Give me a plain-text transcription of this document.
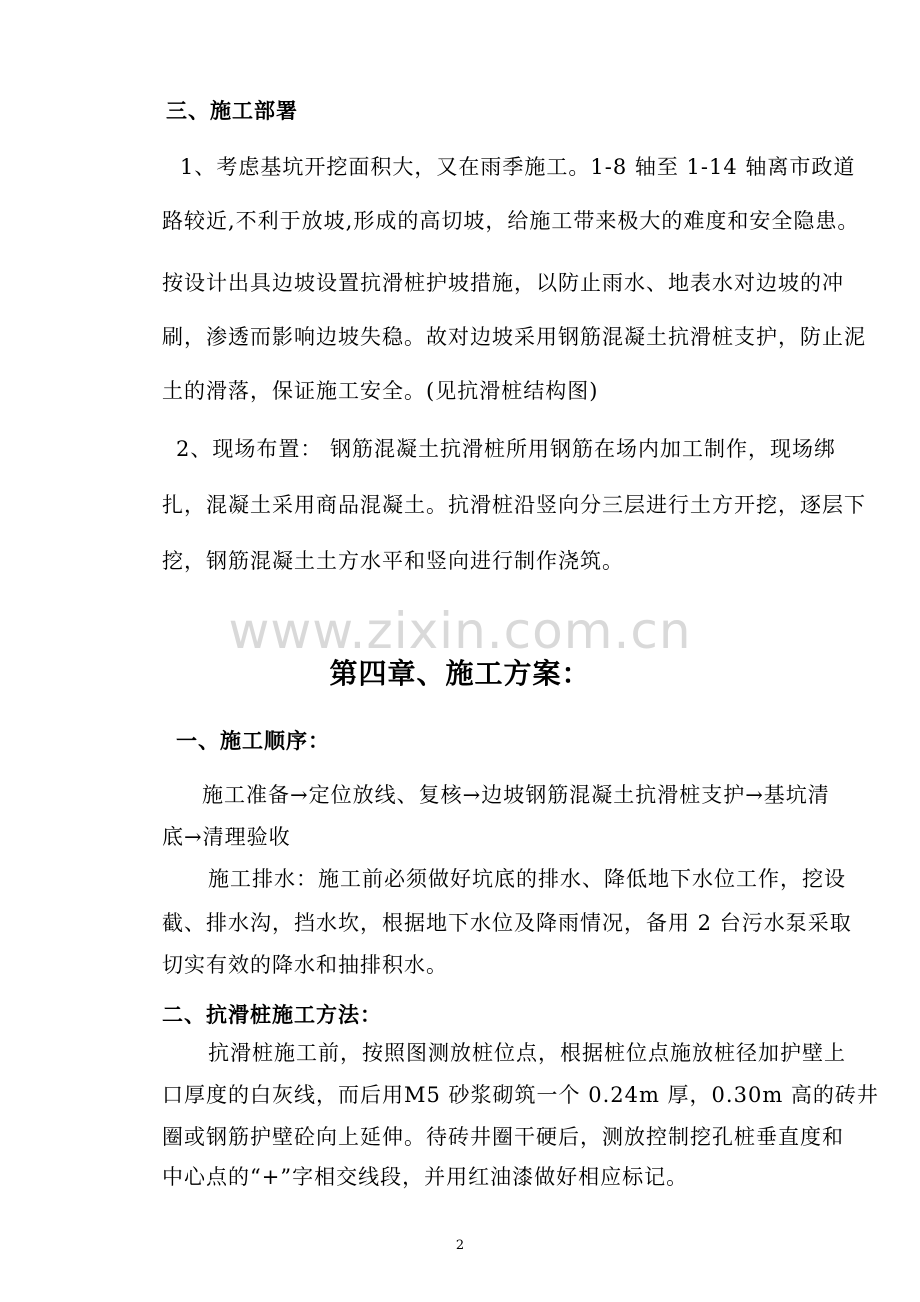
三、施工部署
1、考虑基坑开挖面积大，又在雨季施工。1-8 轴至 1-14 轴离市政道
路较近,不利于放坡,形成的高切坡，给施工带来极大的难度和安全隐患。
按设计出具边坡设置抗滑桩护坡措施，以防止雨水、地表水对边坡的冲
刷，渗透而影响边坡失稳。故对边坡采用钢筋混凝土抗滑桩支护，防止泥
土的滑落，保证施工安全。(见抗滑桩结构图)
2、现场布置： 钢筋混凝土抗滑桩所用钢筋在场内加工制作，现场绑
扎，混凝土采用商品混凝土。抗滑桩沿竖向分三层进行土方开挖，逐层下
挖，钢筋混凝土土方水平和竖向进行制作浇筑。
www.zixin.com.cn
第四章、施工方案：
一、施工顺序：
施工准备→定位放线、复核→边坡钢筋混凝土抗滑桩支护→基坑清
底→清理验收
施工排水：施工前必须做好坑底的排水、降低地下水位工作，挖设
截、排水沟，挡水坎，根据地下水位及降雨情况，备用 2 台污水泵采取
切实有效的降水和抽排积水。
二、抗滑桩施工方法：
抗滑桩施工前，按照图测放桩位点，根据桩位点施放桩径加护壁上
口厚度的白灰线，而后用M5 砂浆砌筑一个 0.24m 厚，0.30m 高的砖井
圈或钢筋护壁砼向上延伸。待砖井圈干硬后，测放控制挖孔桩垂直度和
中心点的“+”字相交线段，并用红油漆做好相应标记。
2
